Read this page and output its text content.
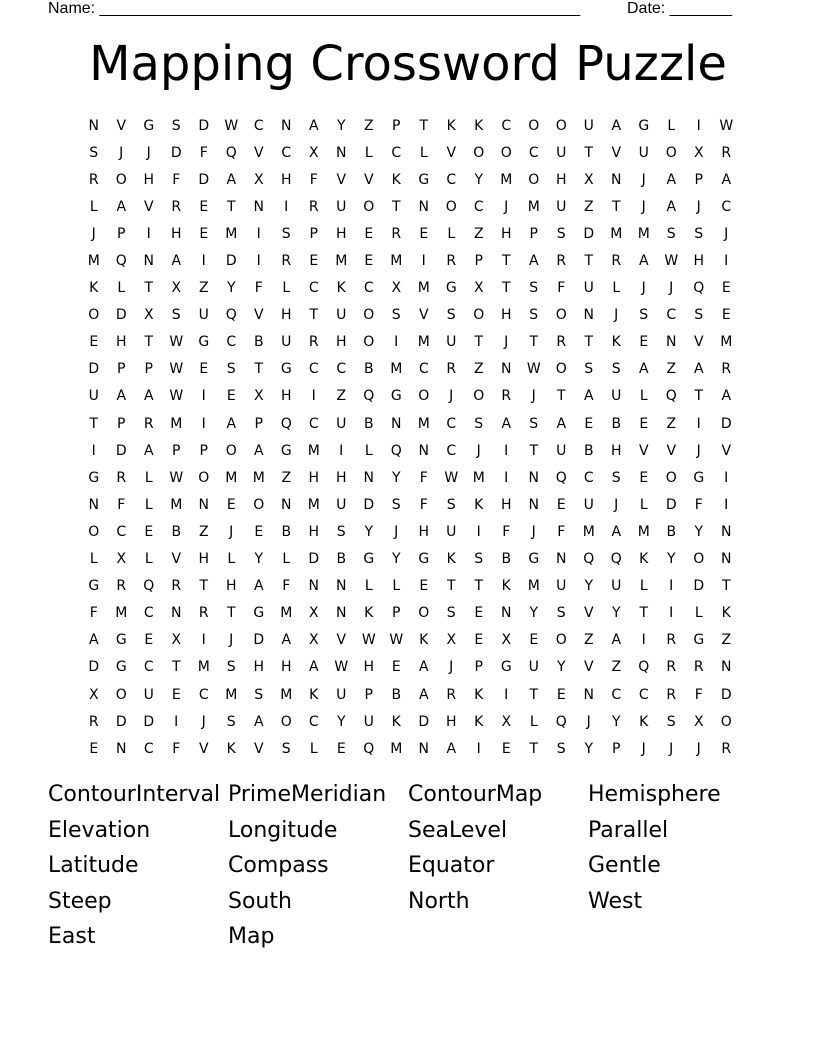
Name: ______________________________________________________	Date: _______
Mapping Crossword Puzzle
N	V	G	S	D	W	C	N	A	Y	Z	P	T	K	K	C	O	O	U	A	G	L	I	W
S	J	J	D	F	Q	V	C	X	N	L	C	L	V	O	O	C	U	T	V	U	O	X	R
R	O	H	F	D	A	X	H	F	V	V	K	G	C	Y	M	O	H	X	N	J	A	P	A
L	A	V	R	E	T	N	I	R	U	O	T	N	O	C	J	M	U	Z	T	J	A	J	C
J	P	I	H	E	M	I	S	P	H	E	R	E	L	Z	H	P	S	D	M	M	S	S	J
M	Q	N	A	I	D	I	R	E	M	E	M	I	R	P	T	A	R	T	R	A	W	H	I
K	L	T	X	Z	Y	F	L	C	K	C	X	M	G	X	T	S	F	U	L	J	J	Q	E
O	D	X	S	U	Q	V	H	T	U	O	S	V	S	O	H	S	O	N	J	S	C	S	E
E	H	T	W	G	C	B	U	R	H	O	I	M	U	T	J	T	R	T	K	E	N	V	M
D	P	P	W	E	S	T	G	C	C	B	M	C	R	Z	N	W	O	S	S	A	Z	A	R
U	A	A	W	I	E	X	H	I	Z	Q	G	O	J	O	R	J	T	A	U	L	Q	T	A
T	P	R	M	I	A	P	Q	C	U	B	N	M	C	S	A	S	A	E	B	E	Z	I	D
I	D	A	P	P	O	A	G	M	I	L	Q	N	C	J	I	T	U	B	H	V	V	J	V
G	R	L	W	O	M	M	Z	H	H	N	Y	F	W	M	I	N	Q	C	S	E	O	G	I
N	F	L	M	N	E	O	N	M	U	D	S	F	S	K	H	N	E	U	J	L	D	F	I
O	C	E	B	Z	J	E	B	H	S	Y	J	H	U	I	F	J	F	M	A	M	B	Y	N
L	X	L	V	H	L	Y	L	D	B	G	Y	G	K	S	B	G	N	Q	Q	K	Y	O	N
G	R	Q	R	T	H	A	F	N	N	L	L	E	T	T	K	M	U	Y	U	L	I	D	T
F	M	C	N	R	T	G	M	X	N	K	P	O	S	E	N	Y	S	V	Y	T	I	L	K
A	G	E	X	I	J	D	A	X	V	W W	K	X	E	X	E	O	Z	A	I	R	G	Z
D	G	C	T	M	S	H	H	A	W	H	E	A	J	P	G	U	Y	V	Z	Q	R	R	N
X	O	U	E	C	M	S	M	K	U	P	B	A	R	K	I	T	E	N	C	C	R	F	D
R	D	D	I	J	S	A	O	C	Y	U	K	D	H	K	X	L	Q	J	Y	K	S	X	O
E	N	C	F	V	K	V	S	L	E	Q	M	N	A	I	E	T	S	Y	P	J	J	J	R
ContourInterval PrimeMeridian ContourMap	Hemisphere
Elevation	Longitude	SeaLevel	Parallel
Latitude	Compass	Equator	Gentle
Steep	South	North	West
East	Map
